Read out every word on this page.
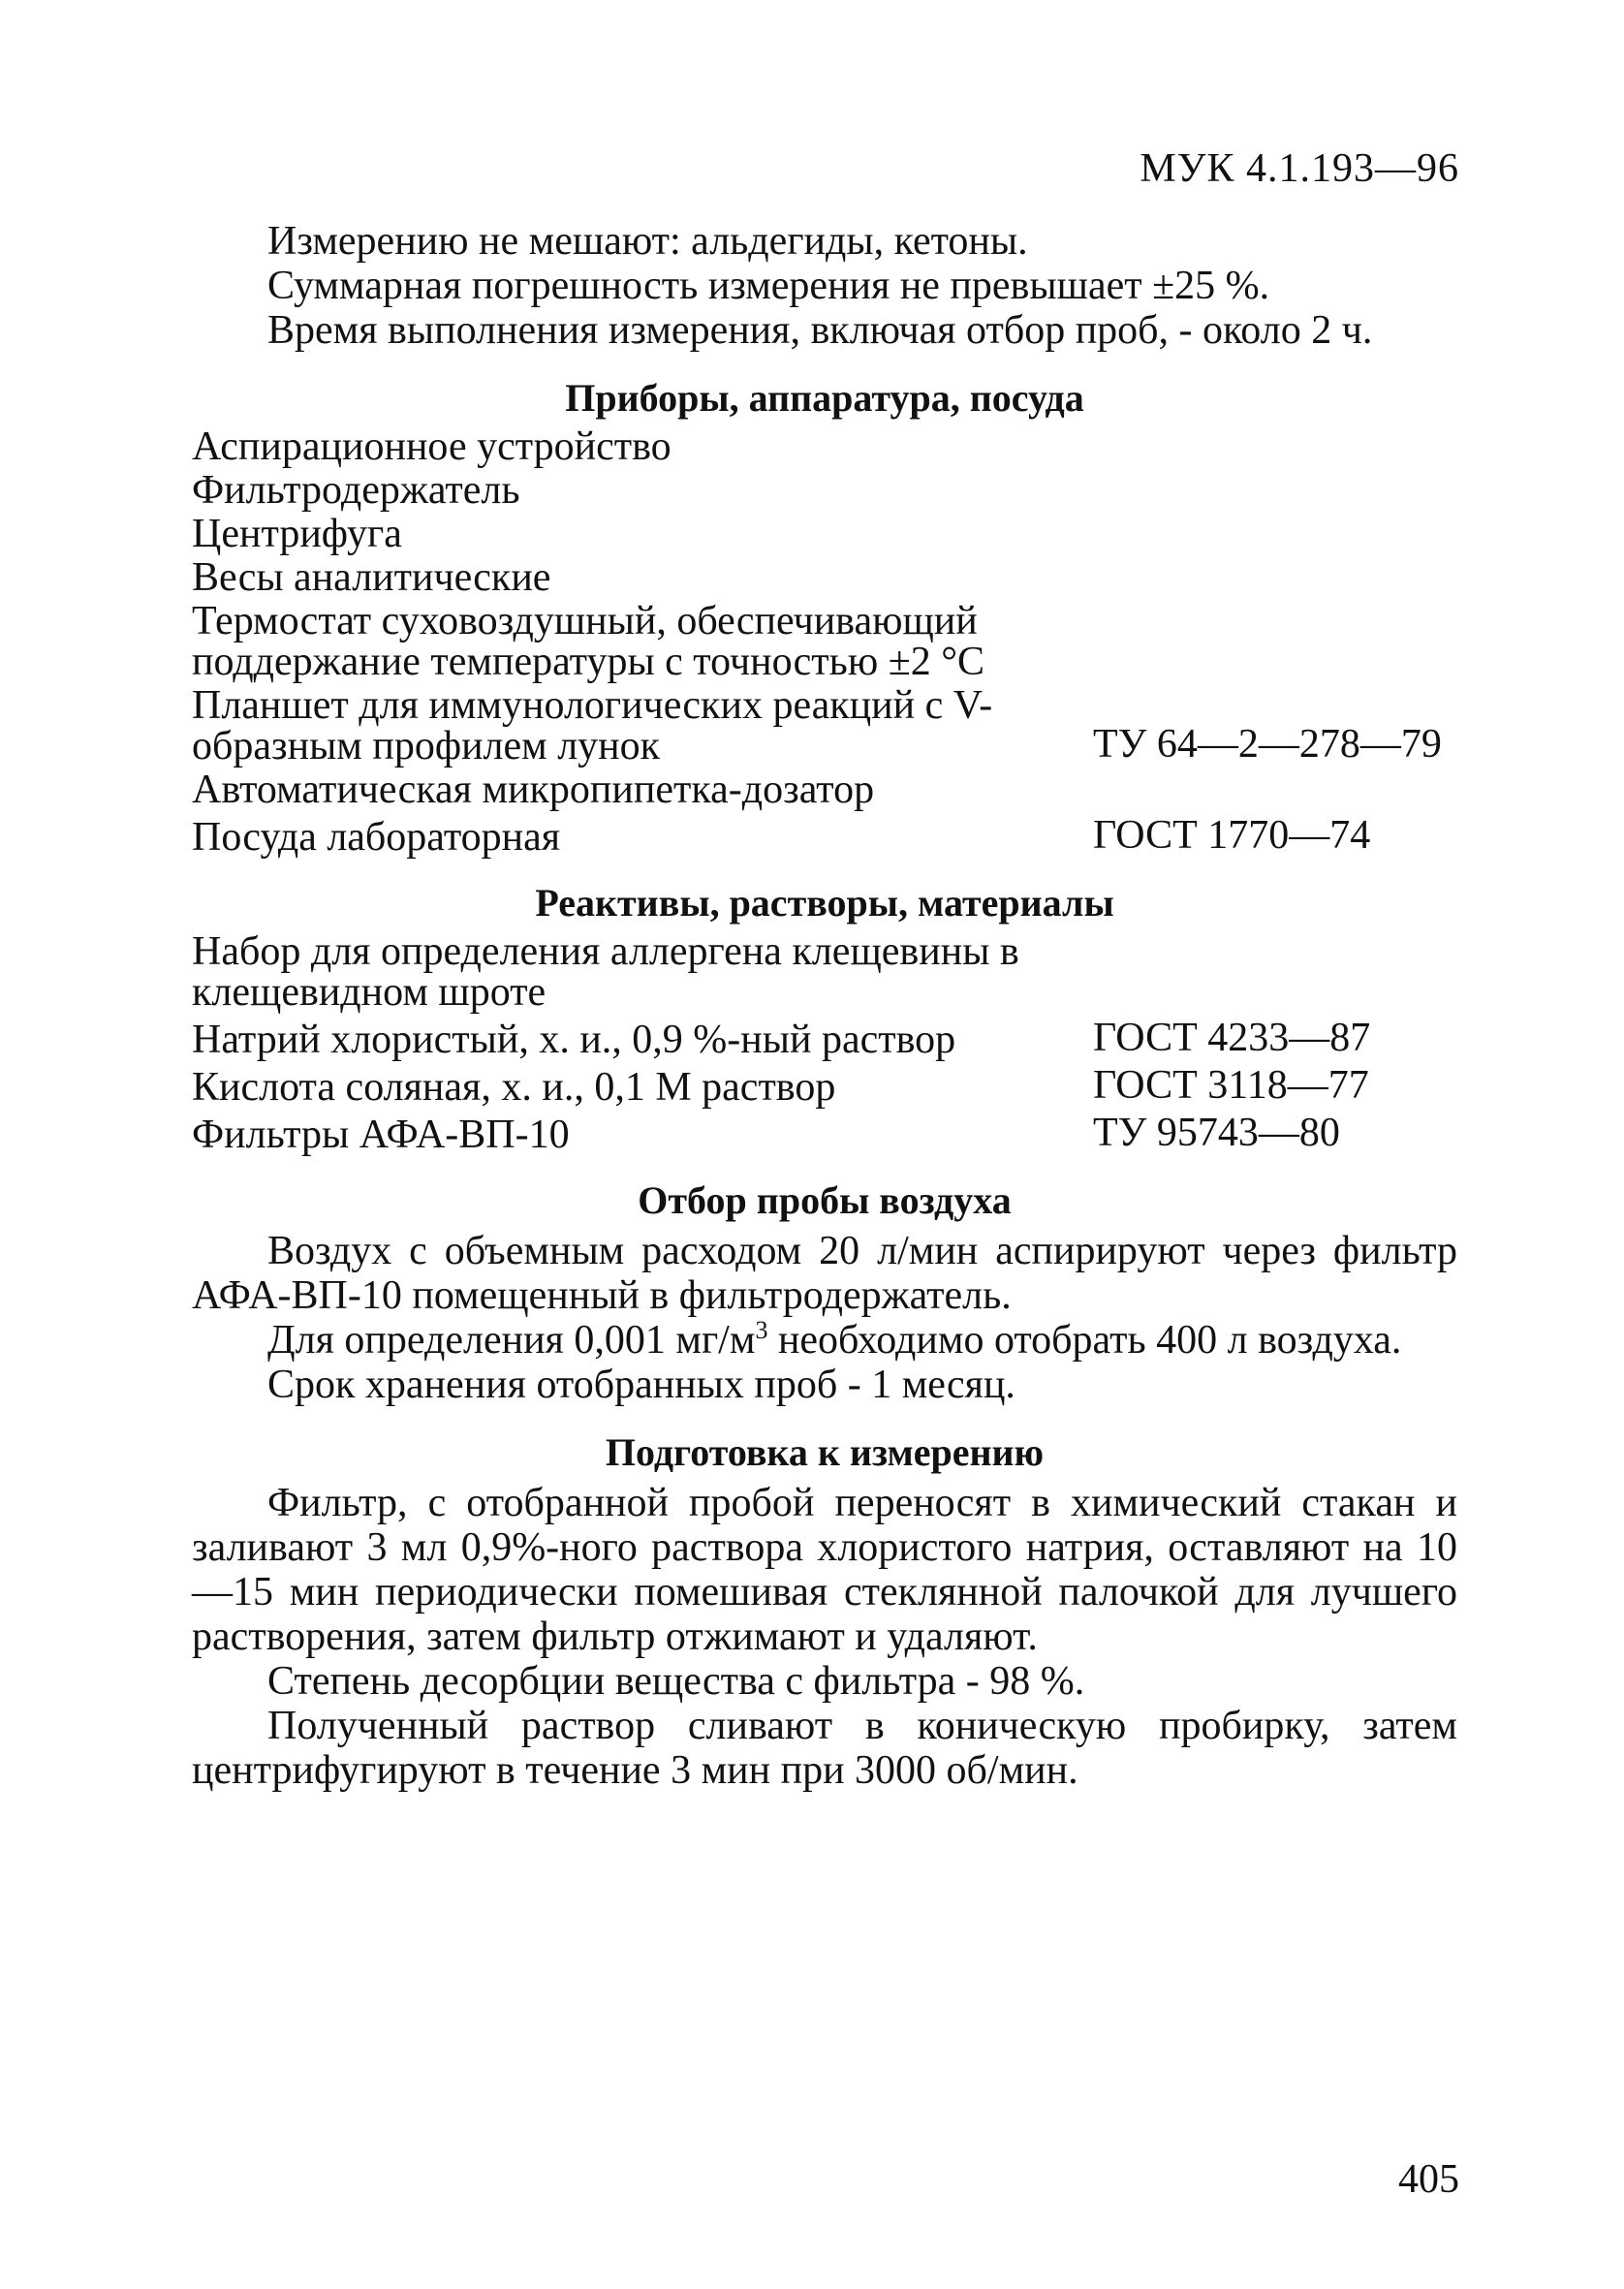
МУК 4.1.193—96

Измерению не мешают: альдегиды, кетоны.

Суммарная погрешность измерения не превышает ±25 %.

Время выполнения измерения, включая отбор проб, - около 2 ч.

Приборы, аппаратура, посуда
Аспирационное устройство
Фильтродержатель
Центрифуга
Весы аналитические
Термостат суховоздушный, обеспечивающий поддержание температуры с точностью ±2 °С
Планшет для иммунологических реакций с V-образным профилем лунок	ТУ 64—2—278—79
Автоматическая микропипетка-дозатор
Посуда лабораторная	ГОСТ 1770—74
Реактивы, растворы, материалы
Набор для определения аллергена клещевины в клещевидном шроте
Натрий хлористый, х. и., 0,9 %-ный раствор	ГОСТ 4233—87
Кислота соляная, х. и., 0,1 М раствор	ГОСТ 3118—77
Фильтры АФА-ВП-10	ТУ 95743—80
Отбор пробы воздуха

Воздух с объемным расходом 20 л/мин аспирируют через фильтр АФА-ВП-10 помещенный в фильтродержатель.

Для определения 0,001 $мг/м^3$ необходимо отобрать 400 л воздуха.

Срок хранения отобранных проб - 1 месяц.

Подготовка к измерению

Фильтр, с отобранной пробой переносят в химический стакан и заливают 3 мл 0,9%-ного раствора хлористого натрия, оставляют на 10—15 мин периодически помешивая стеклянной палочкой для лучшего растворения, затем фильтр отжимают и удаляют.

Степень десорбции вещества с фильтра - 98 %.

Полученный раствор сливают в коническую пробирку, затем центрифугируют в течение 3 мин при 3000 об/мин.

405
